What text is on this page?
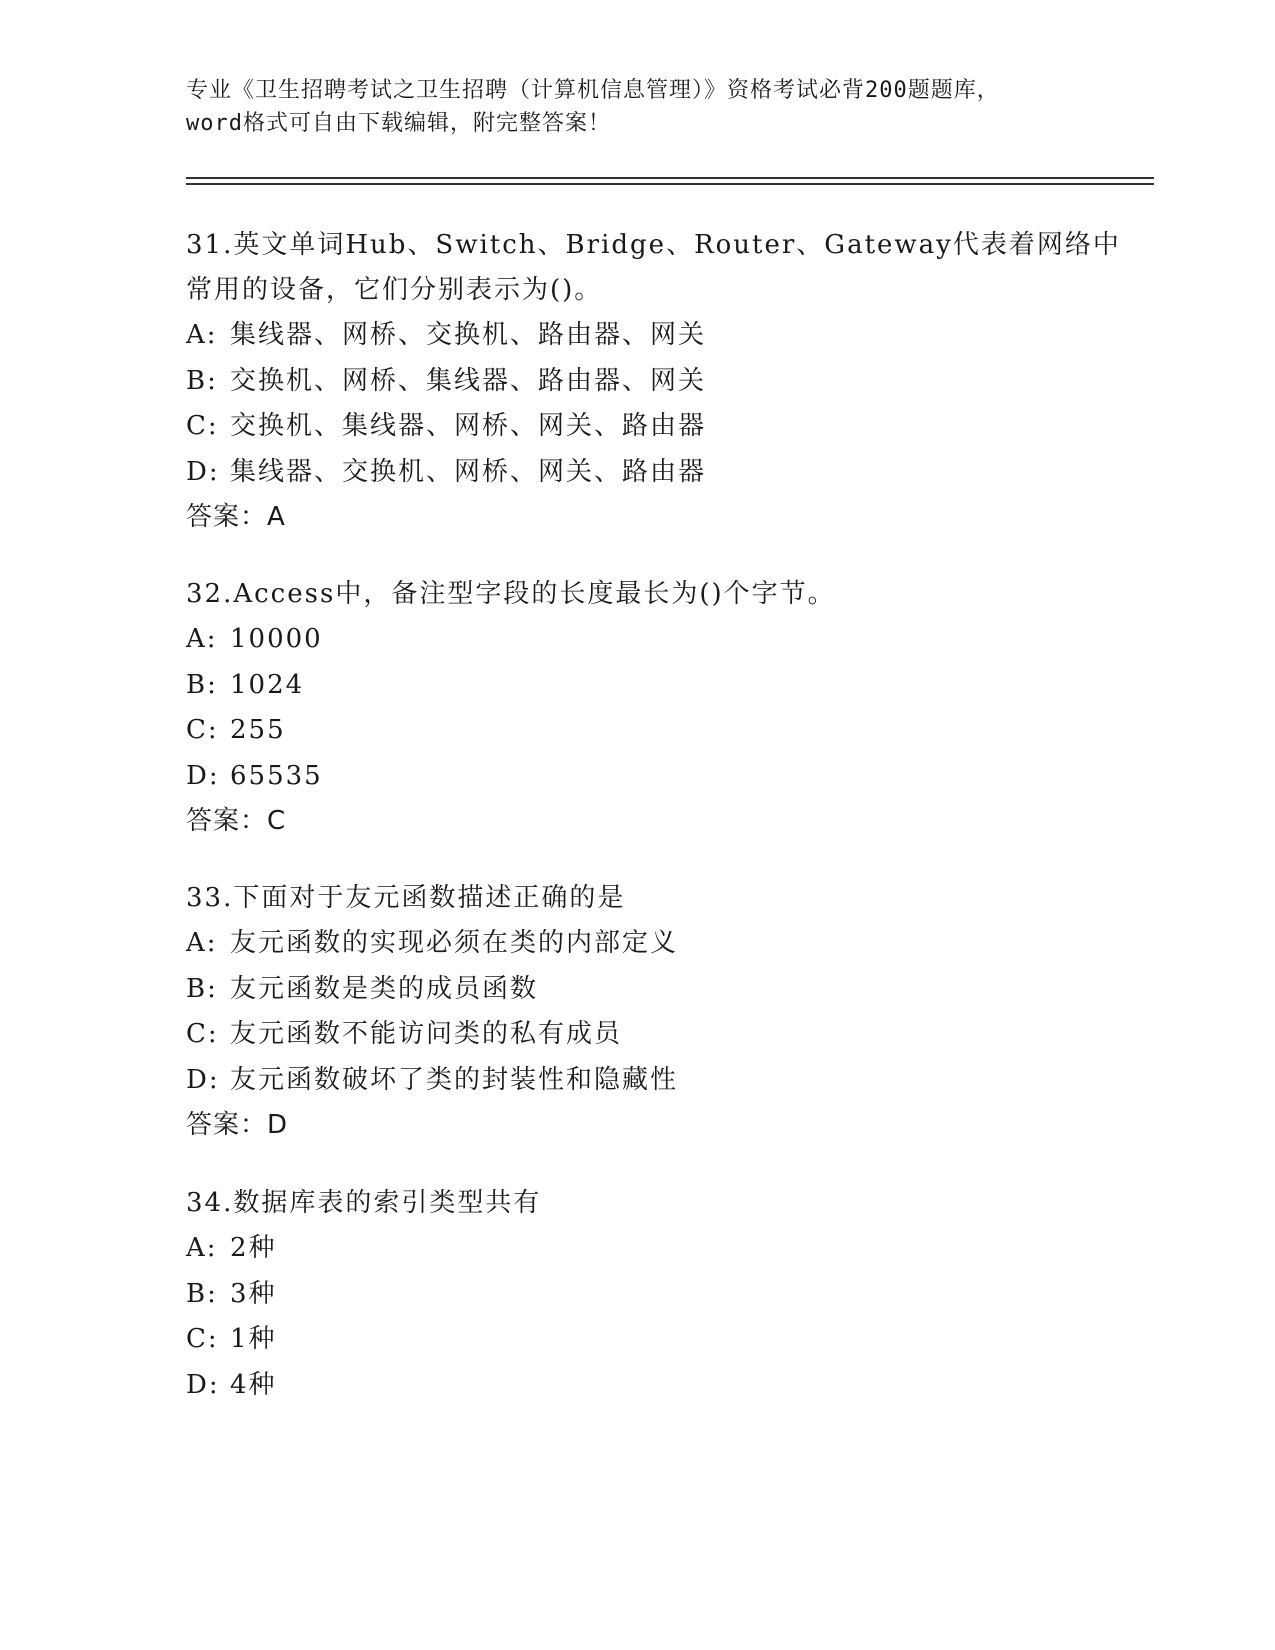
专业《卫生招聘考试之卫生招聘（计算机信息管理）》资格考试必背200题题库，
word格式可自由下载编辑，附完整答案！
31.英文单词Hub、Switch、Bridge、Router、Gateway代表着网络中
常用的设备，它们分别表示为()。
A: 集线器、网桥、交换机、路由器、网关
B: 交换机、网桥、集线器、路由器、网关
C: 交换机、集线器、网桥、网关、路由器
D: 集线器、交换机、网桥、网关、路由器
答案：A
32.Access中，备注型字段的长度最长为()个字节。
A: 10000
B: 1024
C: 255
D: 65535
答案：C
33.下面对于友元函数描述正确的是
A: 友元函数的实现必须在类的内部定义
B: 友元函数是类的成员函数
C: 友元函数不能访问类的私有成员
D: 友元函数破坏了类的封装性和隐藏性
答案：D
34.数据库表的索引类型共有
A: 2种
B: 3种
C: 1种
D: 4种
